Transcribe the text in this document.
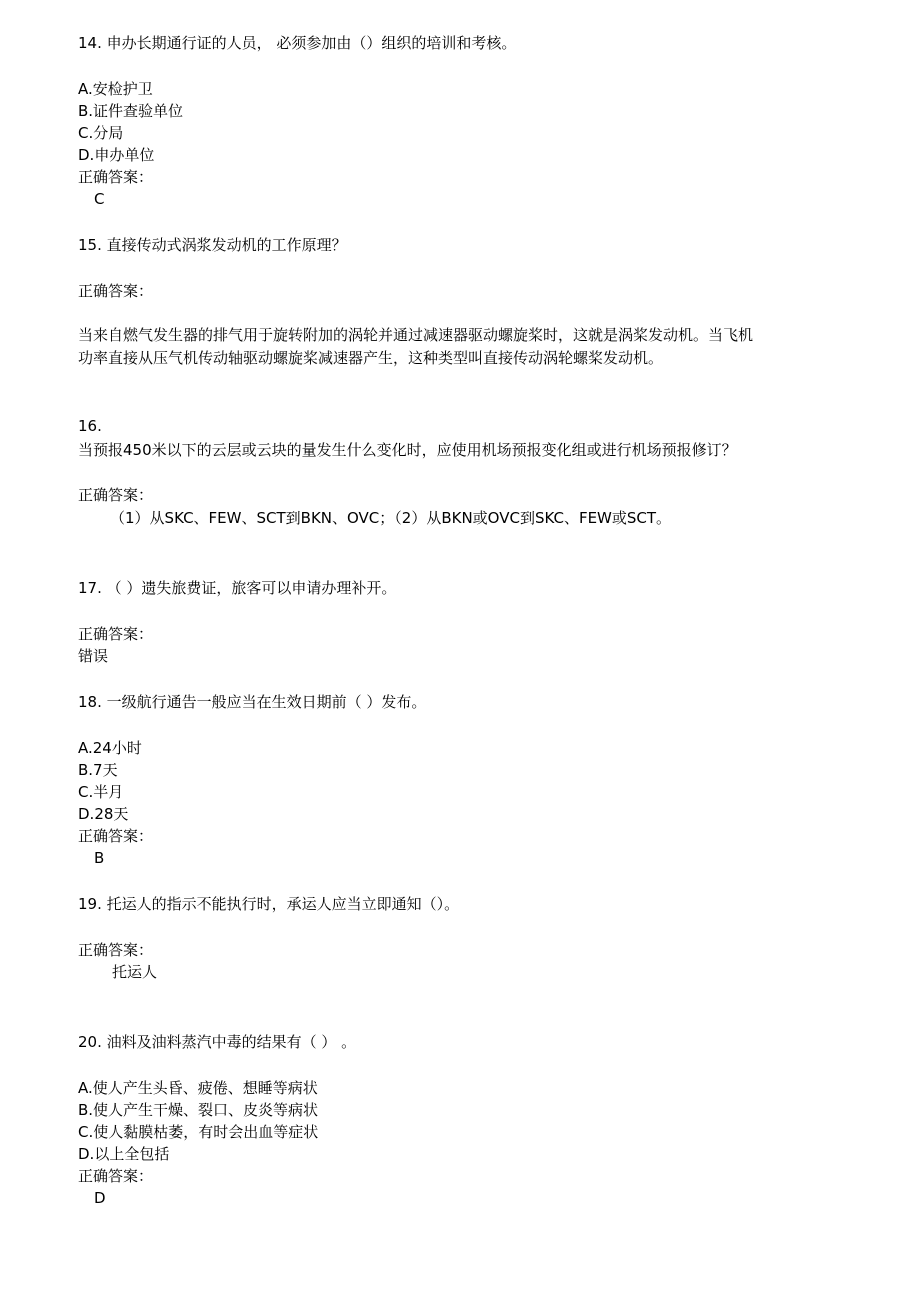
14. 申办长期通行证的人员， 必须参加由（）组织的培训和考核。
A.安检护卫
B.证件查验单位
C.分局
D.申办单位
正确答案：
C
15. 直接传动式涡浆发动机的工作原理？
正确答案：
当来自燃气发生器的排气用于旋转附加的涡轮并通过减速器驱动螺旋桨时，这就是涡桨发动机。当飞机
功率直接从压气机传动轴驱动螺旋桨减速器产生，这种类型叫直接传动涡轮螺桨发动机。
16.
当预报450米以下的云层或云块的量发生什么变化时，应使用机场预报变化组或进行机场预报修订？
正确答案：
（1）从SKC、FEW、SCT到BKN、OVC；（2）从BKN或OVC到SKC、FEW或SCT。
17. （ ）遗失旅费证，旅客可以申请办理补开。
正确答案：
错误
18. 一级航行通告一般应当在生效日期前（ ）发布。
A.24小时
B.7天
C.半月
D.28天
正确答案：
B
19. 托运人的指示不能执行时，承运人应当立即通知（）。
正确答案：
托运人
20. 油料及油料蒸汽中毒的结果有（ ） 。
A.使人产生头昏、疲倦、想睡等病状
B.使人产生干燥、裂口、皮炎等病状
C.使人黏膜枯萎，有时会出血等症状
D.以上全包括
正确答案：
D
